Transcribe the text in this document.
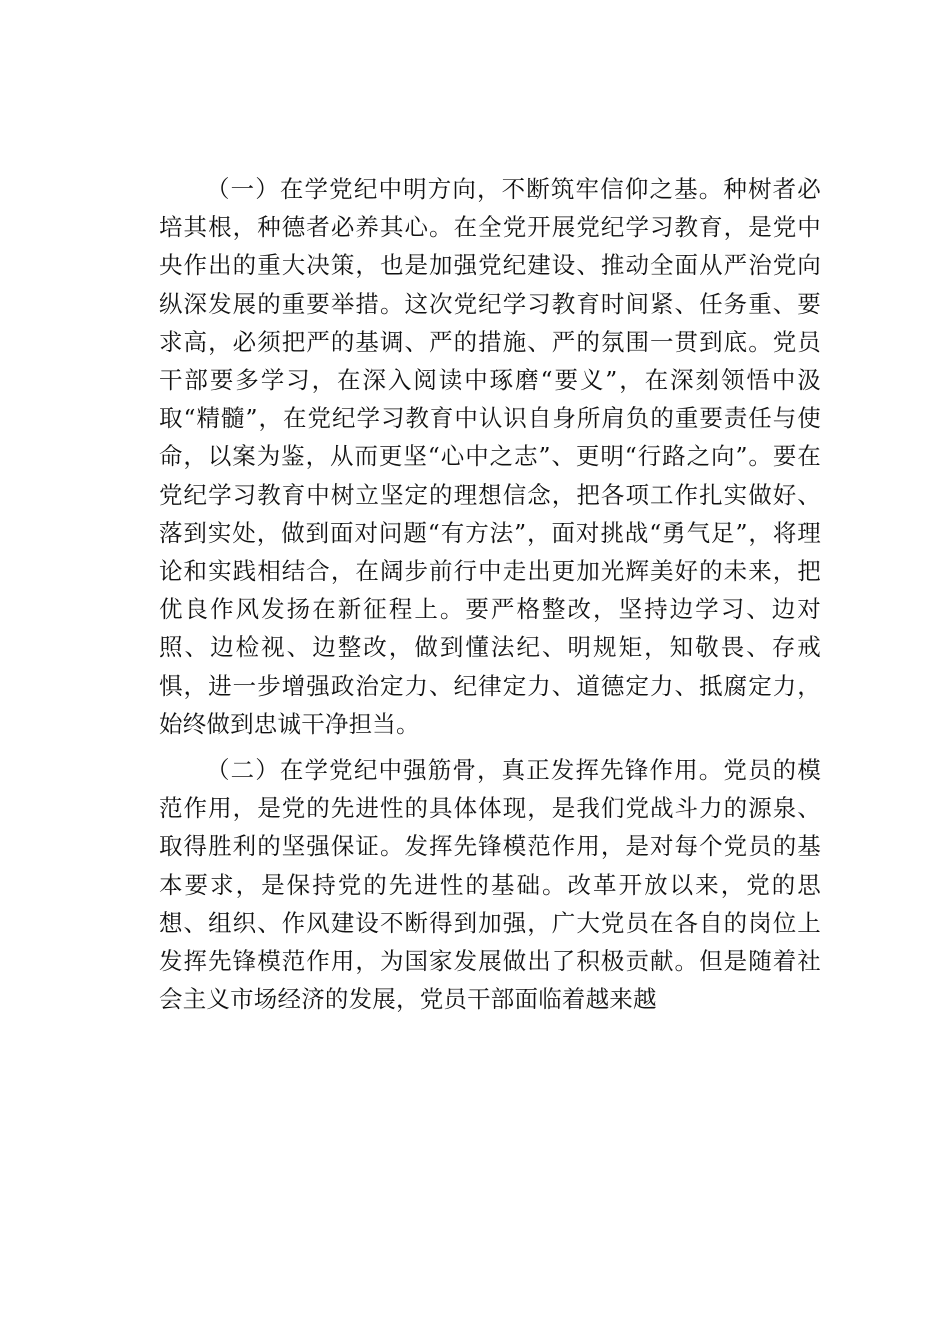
（一）在学党纪中明方向，不断筑牢信仰之基。种树者必培其根，种德者必养其心。在全党开展党纪学习教育，是党中央作出的重大决策，也是加强党纪建设、推动全面从严治党向纵深发展的重要举措。这次党纪学习教育时间紧、任务重、要求高，必须把严的基调、严的措施、严的氛围一贯到底。党员干部要多学习，在深入阅读中琢磨“要义”，在深刻领悟中汲取“精髓”，在党纪学习教育中认识自身所肩负的重要责任与使命，以案为鉴，从而更坚“心中之志”、更明“行路之向”。要在党纪学习教育中树立坚定的理想信念，把各项工作扎实做好、落到实处，做到面对问题“有方法”，面对挑战“勇气足”，将理论和实践相结合，在阔步前行中走出更加光辉美好的未来，把优良作风发扬在新征程上。要严格整改，坚持边学习、边对照、边检视、边整改，做到懂法纪、明规矩，知敬畏、存戒惧，进一步增强政治定力、纪律定力、道德定力、抵腐定力，始终做到忠诚干净担当。

（二）在学党纪中强筋骨，真正发挥先锋作用。党员的模范作用，是党的先进性的具体体现，是我们党战斗力的源泉、取得胜利的坚强保证。发挥先锋模范作用，是对每个党员的基本要求，是保持党的先进性的基础。改革开放以来，党的思想、组织、作风建设不断得到加强，广大党员在各自的岗位上发挥先锋模范作用，为国家发展做出了积极贡献。但是随着社会主义市场经济的发展，党员干部面临着越来越
